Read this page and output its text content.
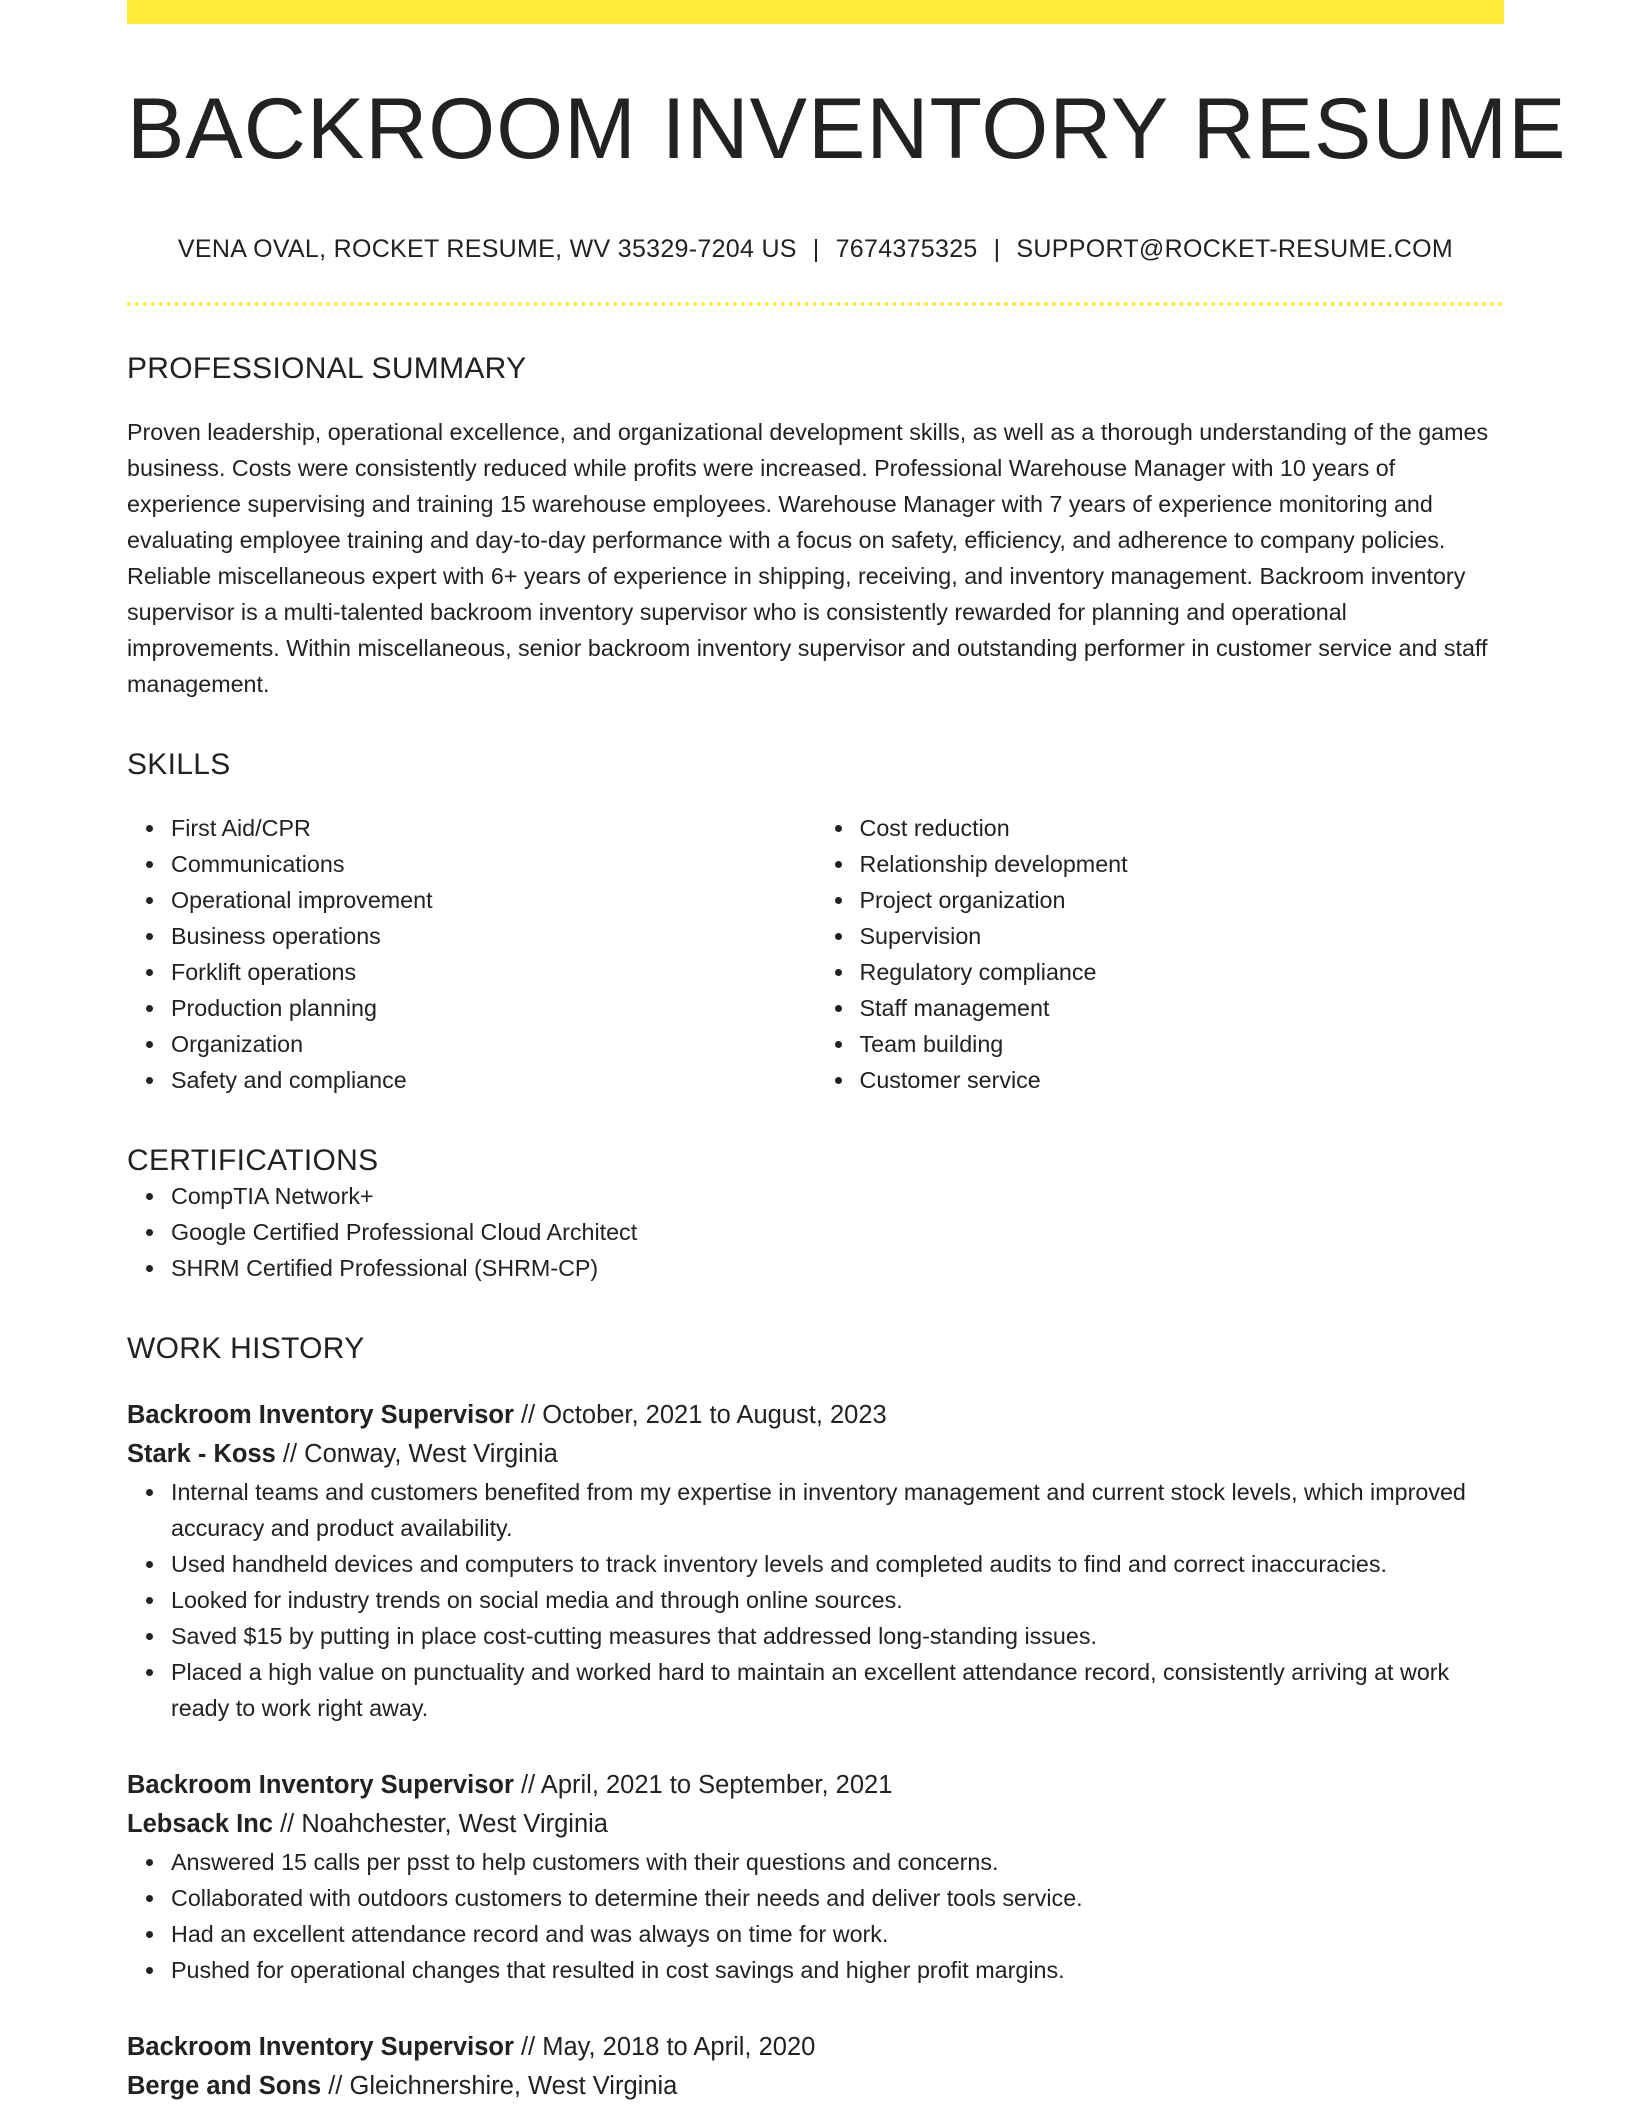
BACKROOM INVENTORY RESUME
VENA OVAL, ROCKET RESUME, WV 35329-7204 US | 7674375325 | SUPPORT@ROCKET-RESUME.COM
PROFESSIONAL SUMMARY

Proven leadership, operational excellence, and organizational development skills, as well as a thorough understanding of the games business. Costs were consistently reduced while profits were increased. Professional Warehouse Manager with 10 years of experience supervising and training 15 warehouse employees. Warehouse Manager with 7 years of experience monitoring and evaluating employee training and day-to-day performance with a focus on safety, efficiency, and adherence to company policies. Reliable miscellaneous expert with 6+ years of experience in shipping, receiving, and inventory management. Backroom inventory supervisor is a multi-talented backroom inventory supervisor who is consistently rewarded for planning and operational improvements. Within miscellaneous, senior backroom inventory supervisor and outstanding performer in customer service and staff management.

SKILLS
First Aid/CPR
Communications
Operational improvement
Business operations
Forklift operations
Production planning
Organization
Safety and compliance
Cost reduction
Relationship development
Project organization
Supervision
Regulatory compliance
Staff management
Team building
Customer service
CERTIFICATIONS
CompTIA Network+
Google Certified Professional Cloud Architect
SHRM Certified Professional (SHRM-CP)
WORK HISTORY
Backroom Inventory Supervisor // October, 2021 to August, 2023
Stark - Koss // Conway, West Virginia
Internal teams and customers benefited from my expertise in inventory management and current stock levels, which improved accuracy and product availability.
Used handheld devices and computers to track inventory levels and completed audits to find and correct inaccuracies.
Looked for industry trends on social media and through online sources.
Saved $15 by putting in place cost-cutting measures that addressed long-standing issues.
Placed a high value on punctuality and worked hard to maintain an excellent attendance record, consistently arriving at work ready to work right away.
Backroom Inventory Supervisor // April, 2021 to September, 2021
Lebsack Inc // Noahchester, West Virginia
Answered 15 calls per psst to help customers with their questions and concerns.
Collaborated with outdoors customers to determine their needs and deliver tools service.
Had an excellent attendance record and was always on time for work.
Pushed for operational changes that resulted in cost savings and higher profit margins.
Backroom Inventory Supervisor // May, 2018 to April, 2020
Berge and Sons // Gleichnershire, West Virginia
